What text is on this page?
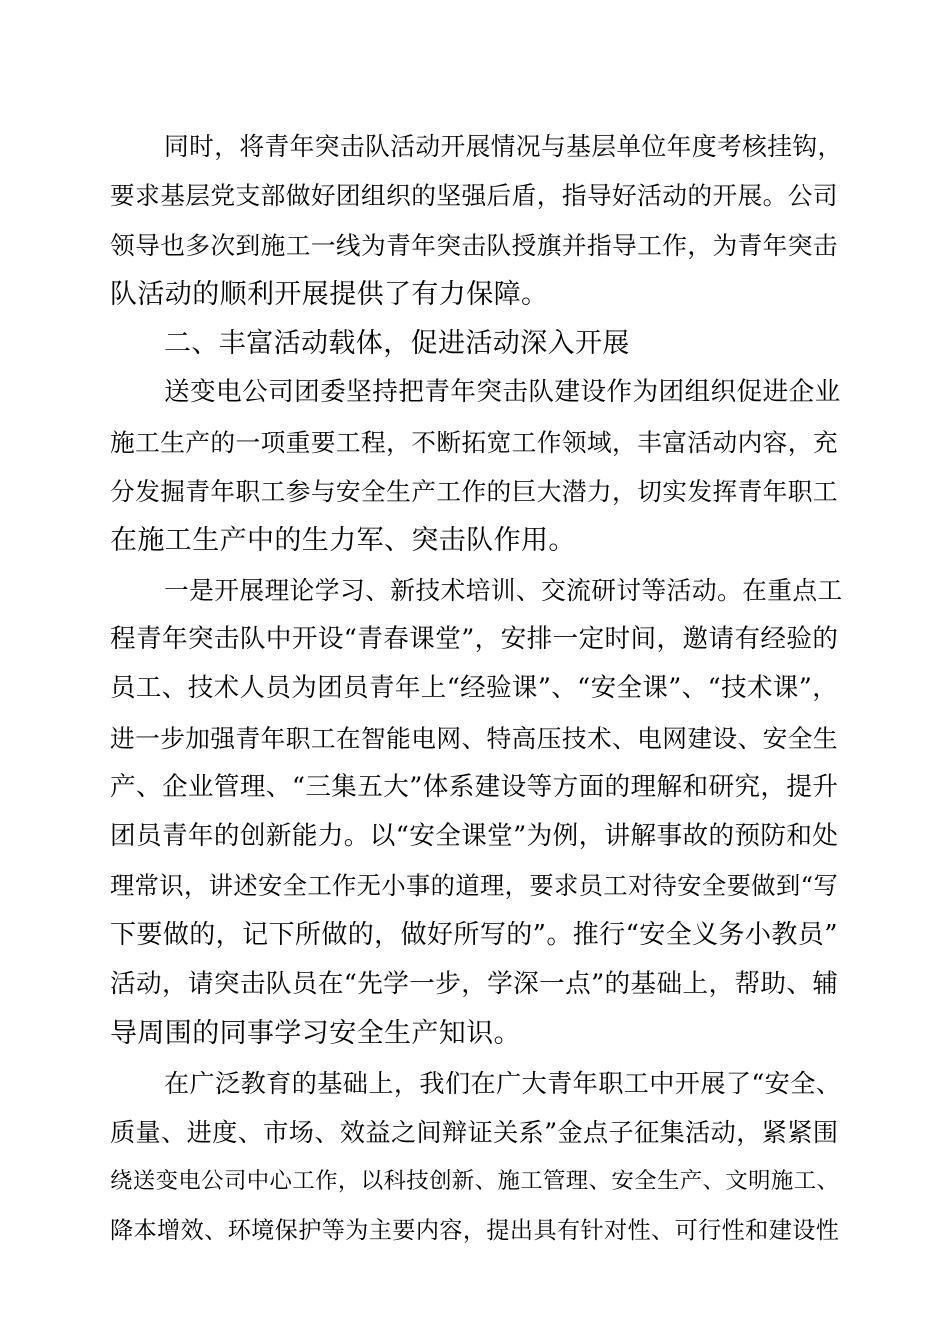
同时，将青年突击队活动开展情况与基层单位年度考核挂钩，
要求基层党支部做好团组织的坚强后盾，指导好活动的开展。公司
领导也多次到施工一线为青年突击队授旗并指导工作，为青年突击
队活动的顺利开展提供了有力保障。
二、丰富活动载体，促进活动深入开展
送变电公司团委坚持把青年突击队建设作为团组织促进企业
施工生产的一项重要工程，不断拓宽工作领域，丰富活动内容，充
分发掘青年职工参与安全生产工作的巨大潜力，切实发挥青年职工
在施工生产中的生力军、突击队作用。
一是开展理论学习、新技术培训、交流研讨等活动。在重点工
程青年突击队中开设“青春课堂”，安排一定时间，邀请有经验的
员工、技术人员为团员青年上“经验课”、“安全课”、“技术课”，
进一步加强青年职工在智能电网、特高压技术、电网建设、安全生
产、企业管理、“三集五大”体系建设等方面的理解和研究，提升
团员青年的创新能力。以“安全课堂”为例，讲解事故的预防和处
理常识，讲述安全工作无小事的道理，要求员工对待安全要做到“写
下要做的，记下所做的，做好所写的”。推行“安全义务小教员”
活动，请突击队员在“先学一步，学深一点”的基础上，帮助、辅
导周围的同事学习安全生产知识。
在广泛教育的基础上，我们在广大青年职工中开展了“安全、
质量、进度、市场、效益之间辩证关系”金点子征集活动，紧紧围
绕送变电公司中心工作，以科技创新、施工管理、安全生产、文明施工、
降本增效、环境保护等为主要内容，提出具有针对性、可行性和建设性
